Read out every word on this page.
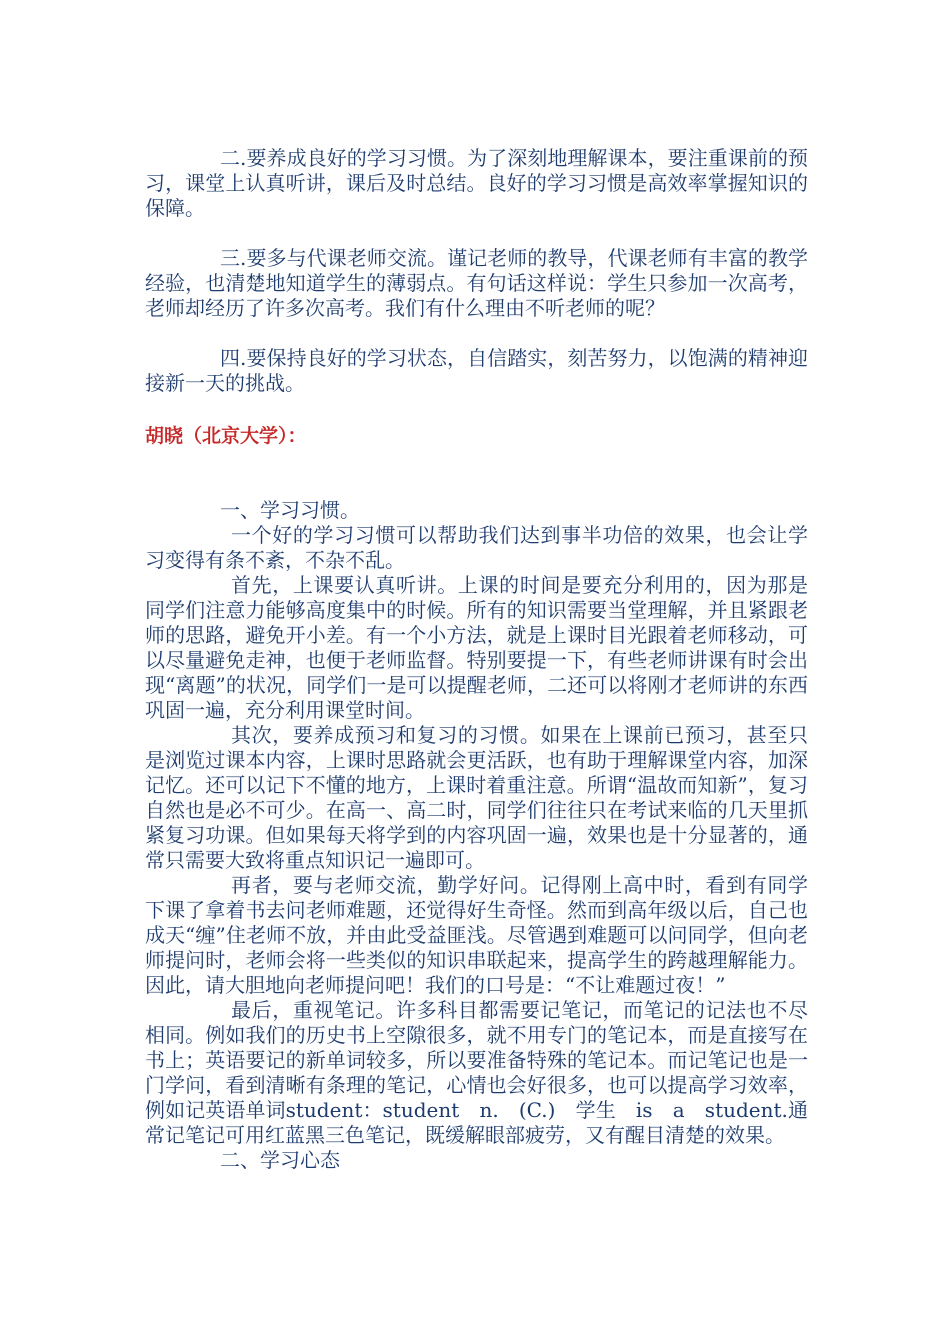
二.要养成良好的学习习惯。为了深刻地理解课本，要注重课前的预习，课堂上认真听讲，课后及时总结。良好的学习习惯是高效率掌握知识的保障。

三.要多与代课老师交流。谨记老师的教导，代课老师有丰富的教学经验，也清楚地知道学生的薄弱点。有句话这样说：学生只参加一次高考，老师却经历了许多次高考。我们有什么理由不听老师的呢？

四.要保持良好的学习状态，自信踏实，刻苦努力，以饱满的精神迎接新一天的挑战。

胡晓（北京大学）：

一、学习习惯。

一个好的学习习惯可以帮助我们达到事半功倍的效果，也会让学习变得有条不紊，不杂不乱。

首先，上课要认真听讲。上课的时间是要充分利用的，因为那是同学们注意力能够高度集中的时候。所有的知识需要当堂理解，并且紧跟老师的思路，避免开小差。有一个小方法，就是上课时目光跟着老师移动，可以尽量避免走神，也便于老师监督。特别要提一下，有些老师讲课有时会出现“离题”的状况，同学们一是可以提醒老师，二还可以将刚才老师讲的东西巩固一遍，充分利用课堂时间。

其次，要养成预习和复习的习惯。如果在上课前已预习，甚至只是浏览过课本内容，上课时思路就会更活跃，也有助于理解课堂内容，加深记忆。还可以记下不懂的地方，上课时着重注意。所谓“温故而知新”，复习自然也是必不可少。在高一、高二时，同学们往往只在考试来临的几天里抓紧复习功课。但如果每天将学到的内容巩固一遍，效果也是十分显著的，通常只需要大致将重点知识记一遍即可。

再者，要与老师交流，勤学好问。记得刚上高中时，看到有同学下课了拿着书去问老师难题，还觉得好生奇怪。然而到高年级以后，自己也成天“缠”住老师不放，并由此受益匪浅。尽管遇到难题可以问同学，但向老师提问时，老师会将一些类似的知识串联起来，提高学生的跨越理解能力。因此，请大胆地向老师提问吧！我们的口号是：“不让难题过夜！”

最后，重视笔记。许多科目都需要记笔记，而笔记的记法也不尽相同。例如我们的历史书上空隙很多，就不用专门的笔记本，而是直接写在书上；英语要记的新单词较多，所以要准备特殊的笔记本。而记笔记也是一门学问，看到清晰有条理的笔记，心情也会好很多，也可以提高学习效率，例如记英语单词student：student　n.　(C.)　学生　is　a　student.通常记笔记可用红蓝黑三色笔记，既缓解眼部疲劳，又有醒目清楚的效果。

二、学习心态
